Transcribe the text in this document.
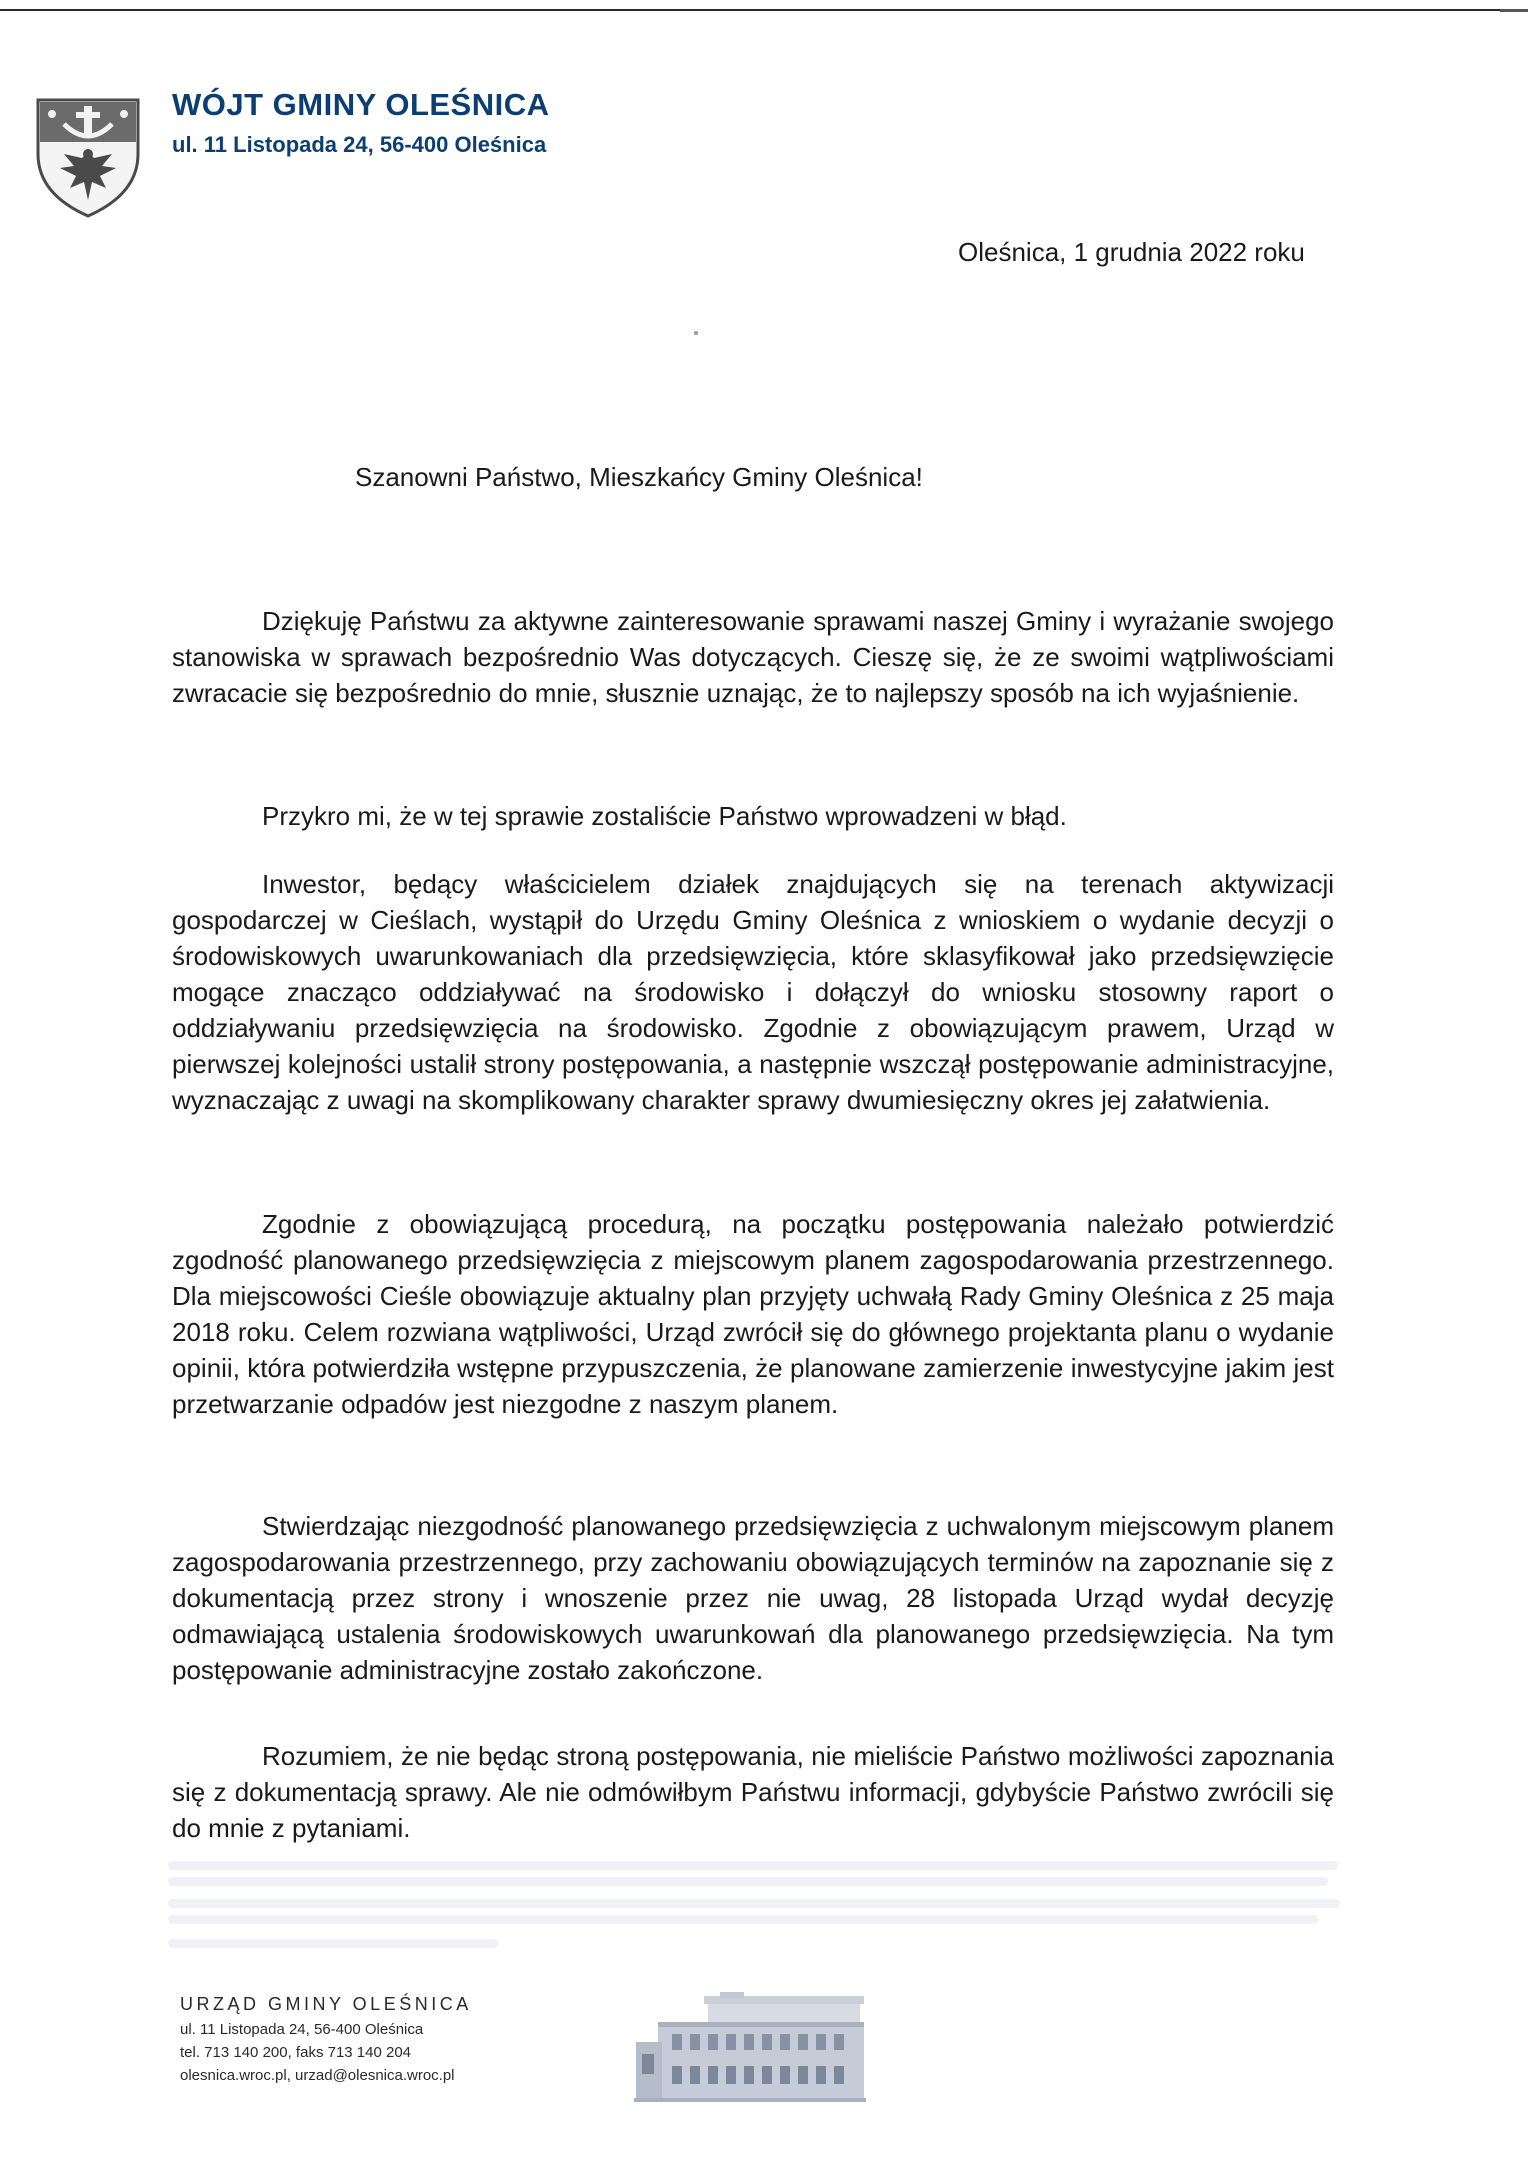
WÓJT GMINY OLEŚNICA
ul. 11 Listopada 24, 56-400 Oleśnica
Oleśnica, 1 grudnia 2022 roku
Szanowni Państwo, Mieszkańcy Gminy Oleśnica!

Dziękuję Państwu za aktywne zainteresowanie sprawami naszej Gminy i wyrażanie swojego stanowiska w sprawach bezpośrednio Was dotyczących. Cieszę się, że ze swoimi wątpliwościami zwracacie się bezpośrednio do mnie, słusznie uznając, że to najlepszy sposób na ich wyjaśnienie.

Przykro mi, że w tej sprawie zostaliście Państwo wprowadzeni w błąd.

Inwestor, będący właścicielem działek znajdujących się na terenach aktywizacji gospodarczej w Cieślach, wystąpił do Urzędu Gminy Oleśnica z wnioskiem o wydanie decyzji o środowiskowych uwarunkowaniach dla przedsięwzięcia, które sklasyfikował jako przedsięwzięcie mogące znacząco oddziaływać na środowisko i dołączył do wniosku stosowny raport o oddziaływaniu przedsięwzięcia na środowisko. Zgodnie z obowiązującym prawem, Urząd w pierwszej kolejności ustalił strony postępowania, a następnie wszczął postępowanie administracyjne, wyznaczając z uwagi na skomplikowany charakter sprawy dwumiesięczny okres jej załatwienia.

Zgodnie z obowiązującą procedurą, na początku postępowania należało potwierdzić zgodność planowanego przedsięwzięcia z miejscowym planem zagospodarowania przestrzennego. Dla miejscowości Cieśle obowiązuje aktualny plan przyjęty uchwałą Rady Gminy Oleśnica z 25 maja 2018 roku. Celem rozwiana wątpliwości, Urząd zwrócił się do głównego projektanta planu o wydanie opinii, która potwierdziła wstępne przypuszczenia, że planowane zamierzenie inwestycyjne jakim jest przetwarzanie odpadów jest niezgodne z naszym planem.

Stwierdzając niezgodność planowanego przedsięwzięcia z uchwalonym miejscowym planem zagospodarowania przestrzennego, przy zachowaniu obowiązujących terminów na zapoznanie się z dokumentacją przez strony i wnoszenie przez nie uwag, 28 listopada Urząd wydał decyzję odmawiającą ustalenia środowiskowych uwarunkowań dla planowanego przedsięwzięcia. Na tym postępowanie administracyjne zostało zakończone.

Rozumiem, że nie będąc stroną postępowania, nie mieliście Państwo możliwości zapoznania się z dokumentacją sprawy. Ale nie odmówiłbym Państwu informacji, gdybyście Państwo zwrócili się do mnie z pytaniami.

URZĄD GMINY OLEŚNICA
ul. 11 Listopada 24, 56-400 Oleśnica
tel. 713 140 200, faks 713 140 204
olesnica.wroc.pl, urzad@olesnica.wroc.pl
